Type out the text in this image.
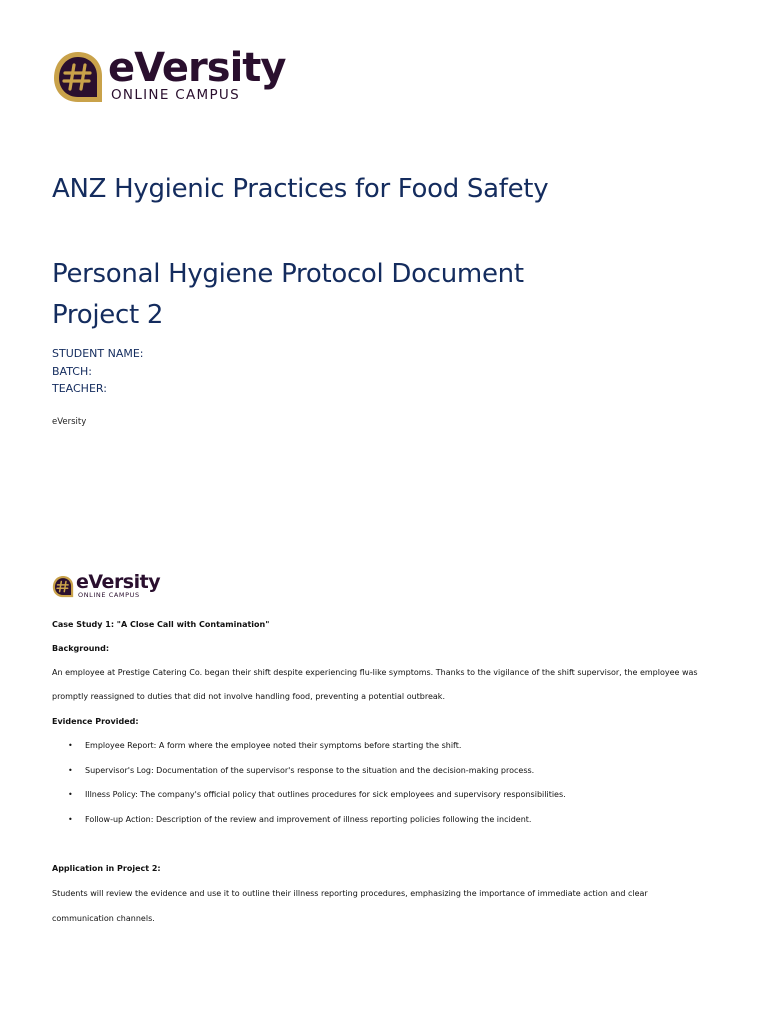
eVersity
ONLINE CAMPUS
ANZ Hygienic Practices for Food Safety
Personal Hygiene Protocol Document
Project 2
STUDENT NAME:
BATCH:
TEACHER:
eVersity
eVersity
ONLINE CAMPUS
Case Study 1: "A Close Call with Contamination"
Background:
An employee at Prestige Catering Co. began their shift despite experiencing flu-like symptoms. Thanks to the vigilance of the shift supervisor, the employee was
promptly reassigned to duties that did not involve handling food, preventing a potential outbreak.
Evidence Provided:
• Employee Report: A form where the employee noted their symptoms before starting the shift.
• Supervisor's Log: Documentation of the supervisor's response to the situation and the decision-making process.
• Illness Policy: The company's official policy that outlines procedures for sick employees and supervisory responsibilities.
• Follow-up Action: Description of the review and improvement of illness reporting policies following the incident.
Application in Project 2:
Students will review the evidence and use it to outline their illness reporting procedures, emphasizing the importance of immediate action and clear
communication channels.
